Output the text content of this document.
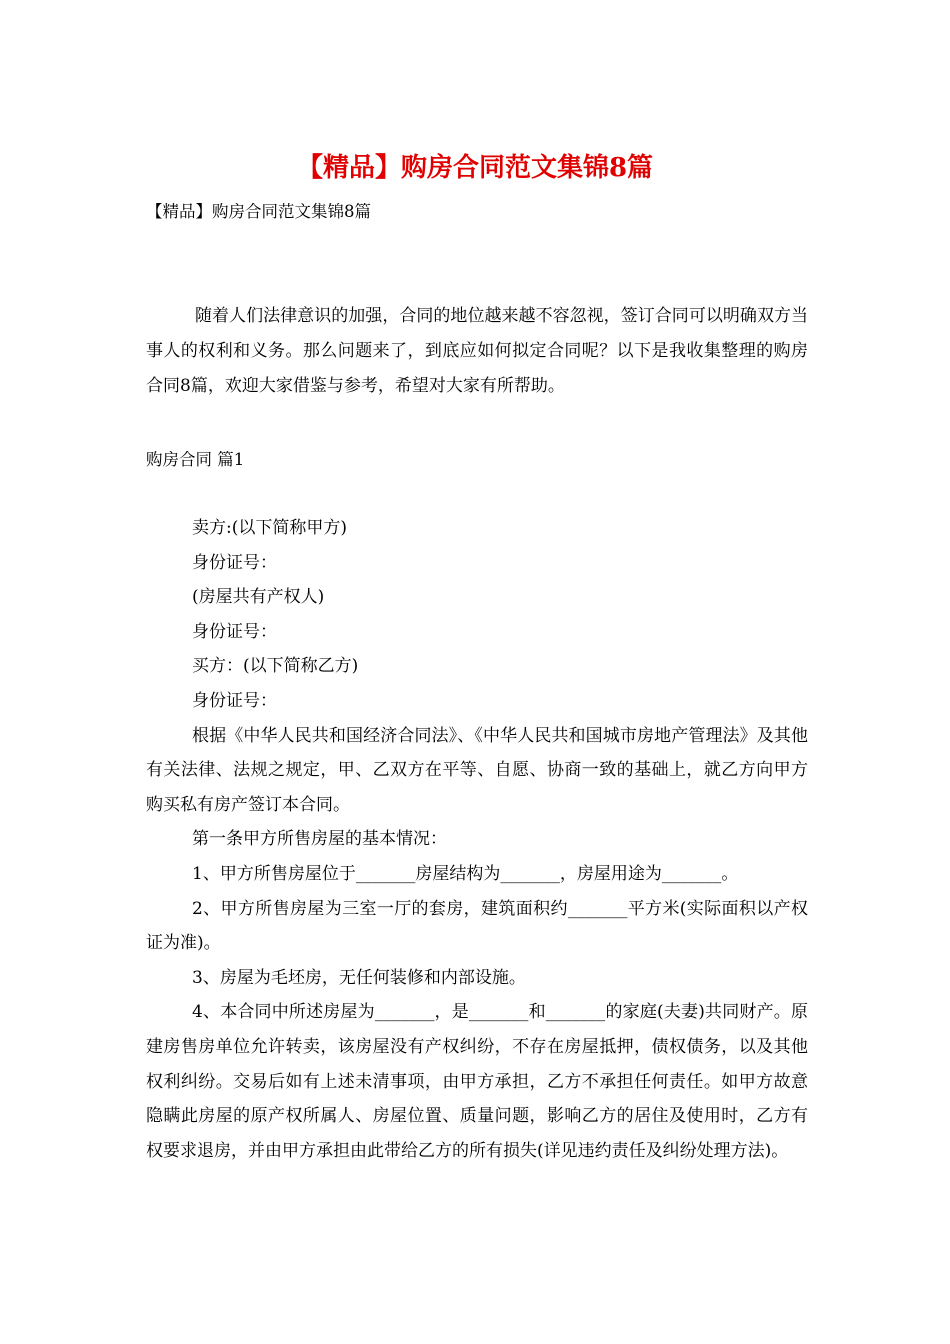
【精品】购房合同范文集锦8篇
【精品】购房合同范文集锦8篇
随着人们法律意识的加强，合同的地位越来越不容忽视，签订合同可以明确双方当事人的权利和义务。那么问题来了，到底应如何拟定合同呢？以下是我收集整理的购房合同8篇，欢迎大家借鉴与参考，希望对大家有所帮助。
购房合同 篇1

卖方:(以下简称甲方)

身份证号：

(房屋共有产权人)

身份证号：

买方：(以下简称乙方)

身份证号：

根据《中华人民共和国经济合同法》、《中华人民共和国城市房地产管理法》及其他有关法律、法规之规定，甲、乙双方在平等、自愿、协商一致的基础上，就乙方向甲方购买私有房产签订本合同。

第一条甲方所售房屋的基本情况：

1、甲方所售房屋位于_______房屋结构为_______，房屋用途为_______。

2、甲方所售房屋为三室一厅的套房，建筑面积约_______平方米(实际面积以产权证为准)。

3、房屋为毛坯房，无任何装修和内部设施。

4、本合同中所述房屋为_______，是_______和_______的家庭(夫妻)共同财产。原建房售房单位允许转卖，该房屋没有产权纠纷，不存在房屋抵押，债权债务，以及其他权利纠纷。交易后如有上述未清事项，由甲方承担，乙方不承担任何责任。如甲方故意隐瞒此房屋的原产权所属人、房屋位置、质量问题，影响乙方的居住及使用时，乙方有权要求退房，并由甲方承担由此带给乙方的所有损失(详见违约责任及纠纷处理方法)。
